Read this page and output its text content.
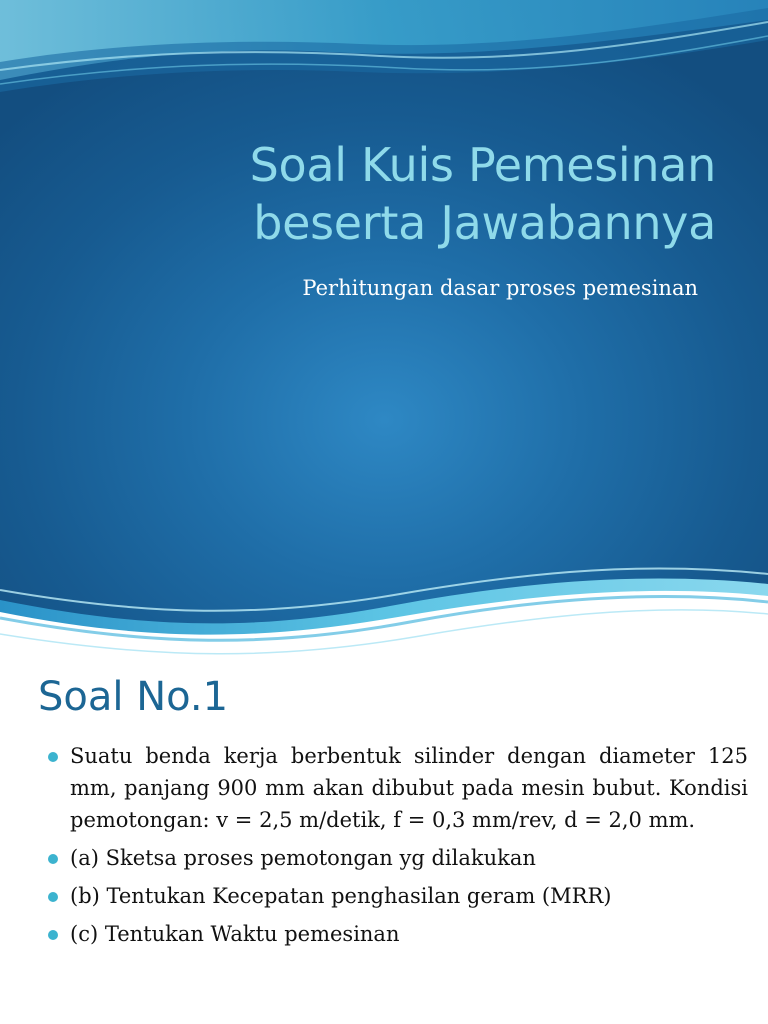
Soal Kuis Pemesinan beserta Jawabannya
Perhitungan dasar proses pemesinan
Soal No.1
Suatu benda kerja berbentuk silinder dengan diameter 125 mm, panjang 900 mm akan dibubut pada mesin bubut. Kondisi pemotongan: v = 2,5 m/detik, f = 0,3 mm/rev, d = 2,0 mm.
(a) Sketsa proses pemotongan yg dilakukan
(b) Tentukan Kecepatan penghasilan geram (MRR)
(c) Tentukan Waktu pemesinan
